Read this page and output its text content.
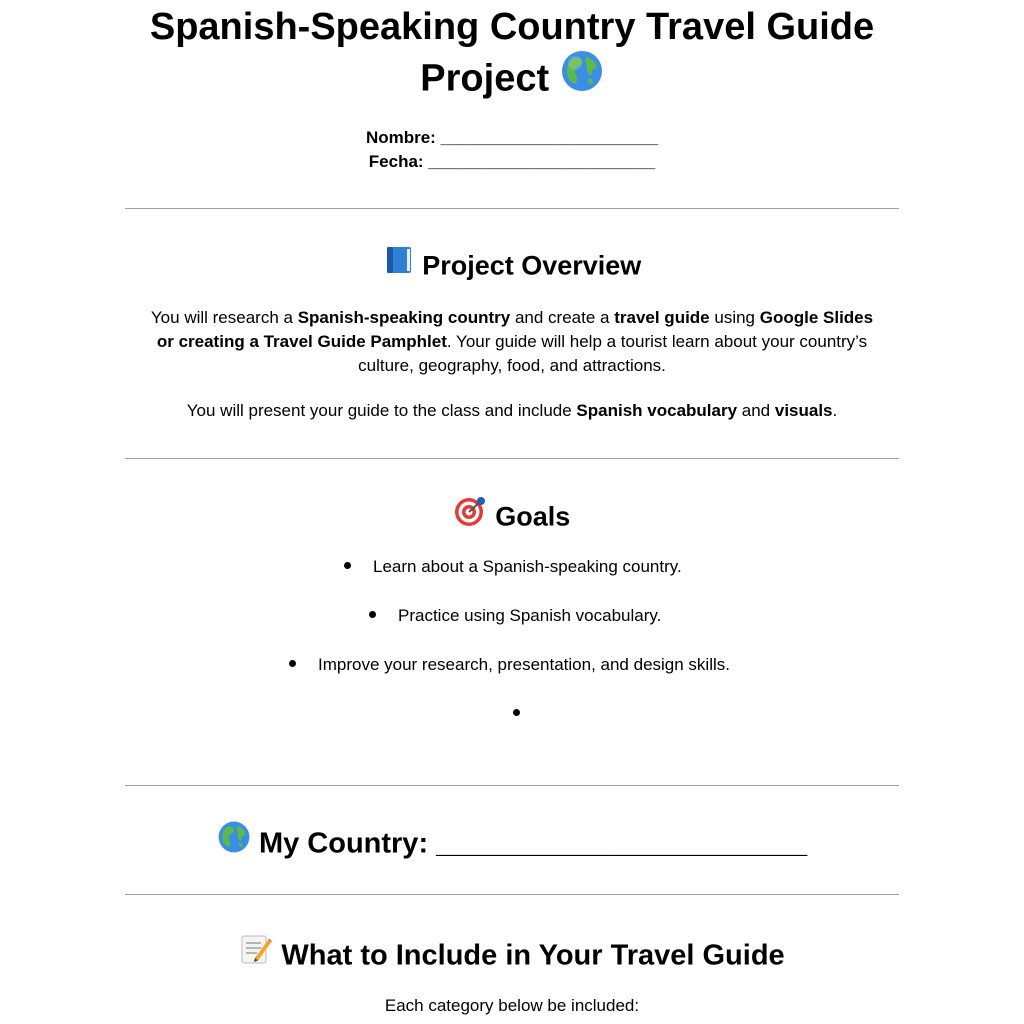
Spanish-Speaking Country Travel Guide
Project
Nombre: _______________________
Fecha: ________________________
Project Overview
You will research a Spanish-speaking country and create a travel guide using Google Slides
or creating a Travel Guide Pamphlet. Your guide will help a tourist learn about your country’s
culture, geography, food, and attractions.
You will present your guide to the class and include Spanish vocabulary and visuals.
Goals
Learn about a Spanish-speaking country.
Practice using Spanish vocabulary.
Improve your research, presentation, and design skills.
My Country: _______________________
What to Include in Your Travel Guide
Each category below be included:
